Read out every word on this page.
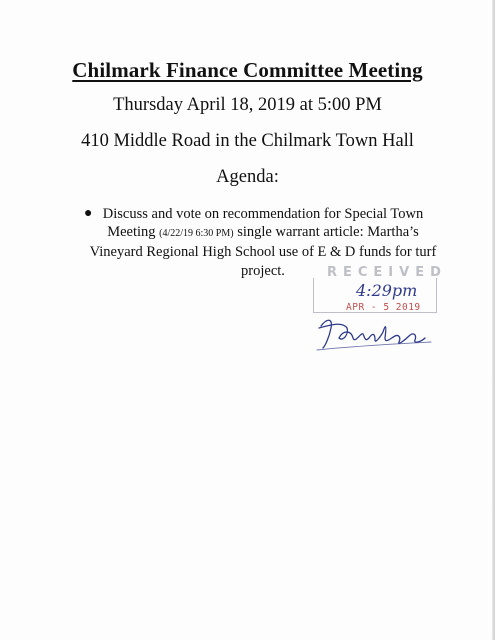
Chilmark Finance Committee Meeting
Thursday April 18, 2019 at 5:00 PM
410 Middle Road in the Chilmark Town Hall
Agenda:
● Discuss and vote on recommendation for Special Town Meeting (4/22/19 6:30 PM) single warrant article: Martha’s Vineyard Regional High School use of E & D funds for turf project.	RECEIVED
4:29pm
APR - 5 2019
